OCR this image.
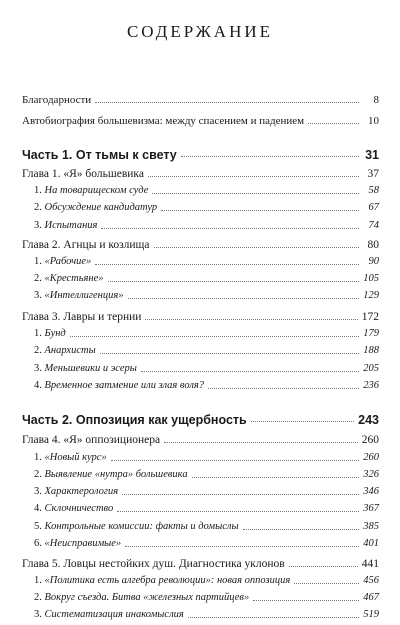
СОДЕРЖАНИЕ
Благодарности	8
Автобиография большевизма: между спасением и падением	10
Часть 1. От тьмы к свету	31
Глава 1. «Я» большевика	37
1. На товарищеском суде	58
2. Обсуждение кандидатур	67
3. Испытания	74
Глава 2. Агнцы и козлища	80
1. «Рабочие»	90
2. «Крестьяне»	105
3. «Интеллигенция»	129
Глава 3. Лавры и тернии	172
1. Бунд	179
2. Анархисты	188
3. Меньшевики и эсеры	205
4. Временное затмение или злая воля?	236
Часть 2. Оппозиция как ущербность	243
Глава 4. «Я» оппозиционера	260
1. «Новый курс»	260
2. Выявление «нутра» большевика	326
3. Характерология	346
4. Склочничество	367
5. Контрольные комиссии: факты и домыслы	385
6. «Неисправимые»	401
Глава 5. Ловцы нестойких душ. Диагностика уклонов	441
1. «Политика есть алгебра революции»: новая оппозиция	456
2. Вокруг съезда. Битва «железных партийцев»	467
3. Систематизация инакомыслия	519
